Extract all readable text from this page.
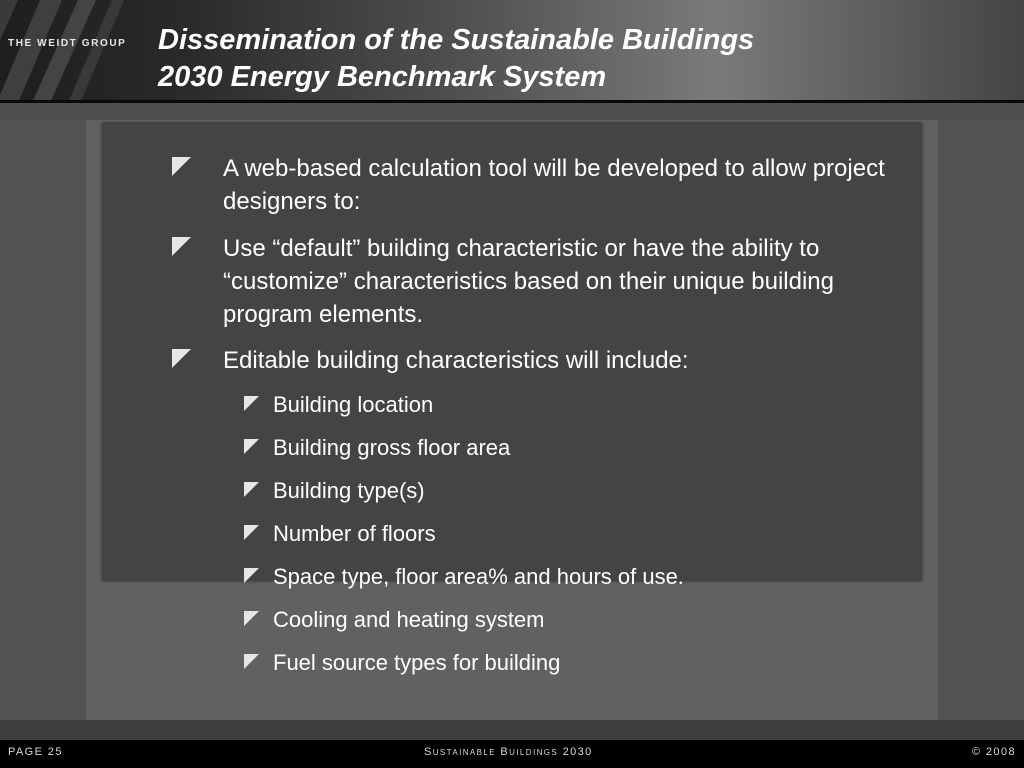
THE WEIDT GROUP Dissemination of the Sustainable Buildings
2030 Energy Benchmark System
A web-based calculation tool will be developed to allow project designers to:
Use “default” building characteristic or have the ability to “customize” characteristics based on their unique building program elements.
Editable building characteristics will include:
Building location
Building gross floor area
Building type(s)
Number of floors
Space type, floor area% and hours of use.
Cooling and heating system
Fuel source types for building
PAGE 25	Sustainable Buildings 2030	© 2008
